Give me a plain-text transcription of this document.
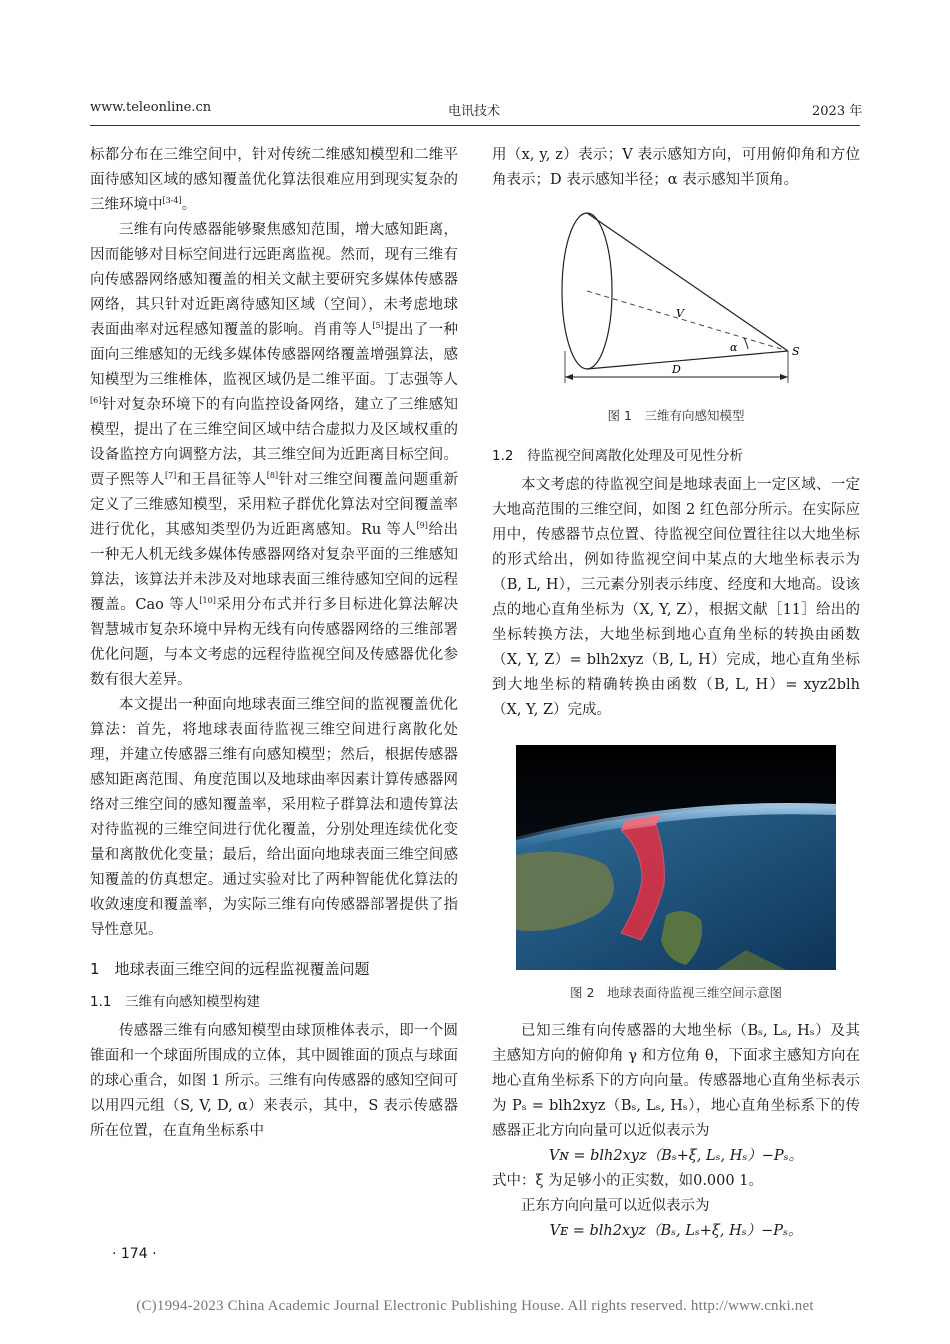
www.teleonline.cn	电讯技术	2023 年

标都分布在三维空间中，针对传统二维感知模型和二维平面待感知区域的感知覆盖优化算法很难应用到现实复杂的三维环境中[3-4]。

三维有向传感器能够聚焦感知范围，增大感知距离，因而能够对目标空间进行远距离监视。然而，现有三维有向传感器网络感知覆盖的相关文献主要研究多媒体传感器网络，其只针对近距离待感知区域（空间），未考虑地球表面曲率对远程感知覆盖的影响。肖甫等人[5]提出了一种面向三维感知的无线多媒体传感器网络覆盖增强算法，感知模型为三维椎体，监视区域仍是二维平面。丁志强等人[6]针对复杂环境下的有向监控设备网络，建立了三维感知模型，提出了在三维空间区域中结合虚拟力及区域权重的设备监控方向调整方法，其三维空间为近距离目标空间。贾子熙等人[7]和王昌征等人[8]针对三维空间覆盖问题重新定义了三维感知模型，采用粒子群优化算法对空间覆盖率进行优化，其感知类型仍为近距离感知。Ru 等人[9]给出一种无人机无线多媒体传感器网络对复杂平面的三维感知算法，该算法并未涉及对地球表面三维待感知空间的远程覆盖。Cao 等人[10]采用分布式并行多目标进化算法解决智慧城市复杂环境中异构无线有向传感器网络的三维部署优化问题，与本文考虑的远程待监视空间及传感器优化参数有很大差异。

本文提出一种面向地球表面三维空间的监视覆盖优化算法：首先，将地球表面待监视三维空间进行离散化处理，并建立传感器三维有向感知模型；然后，根据传感器感知距离范围、角度范围以及地球曲率因素计算传感器网络对三维空间的感知覆盖率，采用粒子群算法和遗传算法对待监视的三维空间进行优化覆盖，分别处理连续优化变量和离散优化变量；最后，给出面向地球表面三维空间感知覆盖的仿真想定。通过实验对比了两种智能优化算法的收敛速度和覆盖率，为实际三维有向传感器部署提供了指导性意见。

1　地球表面三维空间的远程监视覆盖问题
1.1　三维有向感知模型构建

传感器三维有向感知模型由球顶椎体表示，即一个圆锥面和一个球面所围成的立体，其中圆锥面的顶点与球面的球心重合，如图 1 所示。三维有向传感器的感知空间可以用四元组（S, V, D, α）来表示，其中，S 表示传感器所在位置，在直角坐标系中

用（x, y, z）表示；V 表示感知方向，可用俯仰角和方位角表示；D 表示感知半径；α 表示感知半顶角。

V
α	S
D
图 1　三维有向感知模型
1.2　待监视空间离散化处理及可见性分析

本文考虑的待监视空间是地球表面上一定区域、一定大地高范围的三维空间，如图 2 红色部分所示。在实际应用中，传感器节点位置、待监视空间位置往往以大地坐标的形式给出，例如待监视空间中某点的大地坐标表示为（B, L, H），三元素分别表示纬度、经度和大地高。设该点的地心直角坐标为（X, Y, Z），根据文献［11］给出的坐标转换方法，大地坐标到地心直角坐标的转换由函数（X, Y, Z）= blh2xyz（B, L, H）完成，地心直角坐标到大地坐标的精确转换由函数（B, L, H）= xyz2blh（X, Y, Z）完成。

图 2　地球表面待监视三维空间示意图

已知三维有向传感器的大地坐标（Bₛ, Lₛ, Hₛ）及其主感知方向的俯仰角 γ 和方位角 θ，下面求主感知方向在地心直角坐标系下的方向向量。传感器地心直角坐标表示为 Pₛ = blh2xyz（Bₛ, Lₛ, Hₛ），地心直角坐标系下的传感器正北方向向量可以近似表示为

Vɴ = blh2xyz（Bₛ+ξ, Lₛ, Hₛ）−Pₛ。

式中：ξ 为足够小的正实数，如0.000 1。

正东方向向量可以近似表示为

Vᴇ = blh2xyz（Bₛ, Lₛ+ξ, Hₛ）−Pₛ。

· 174 ·
(C)1994-2023 China Academic Journal Electronic Publishing House. All rights reserved. http://www.cnki.net
